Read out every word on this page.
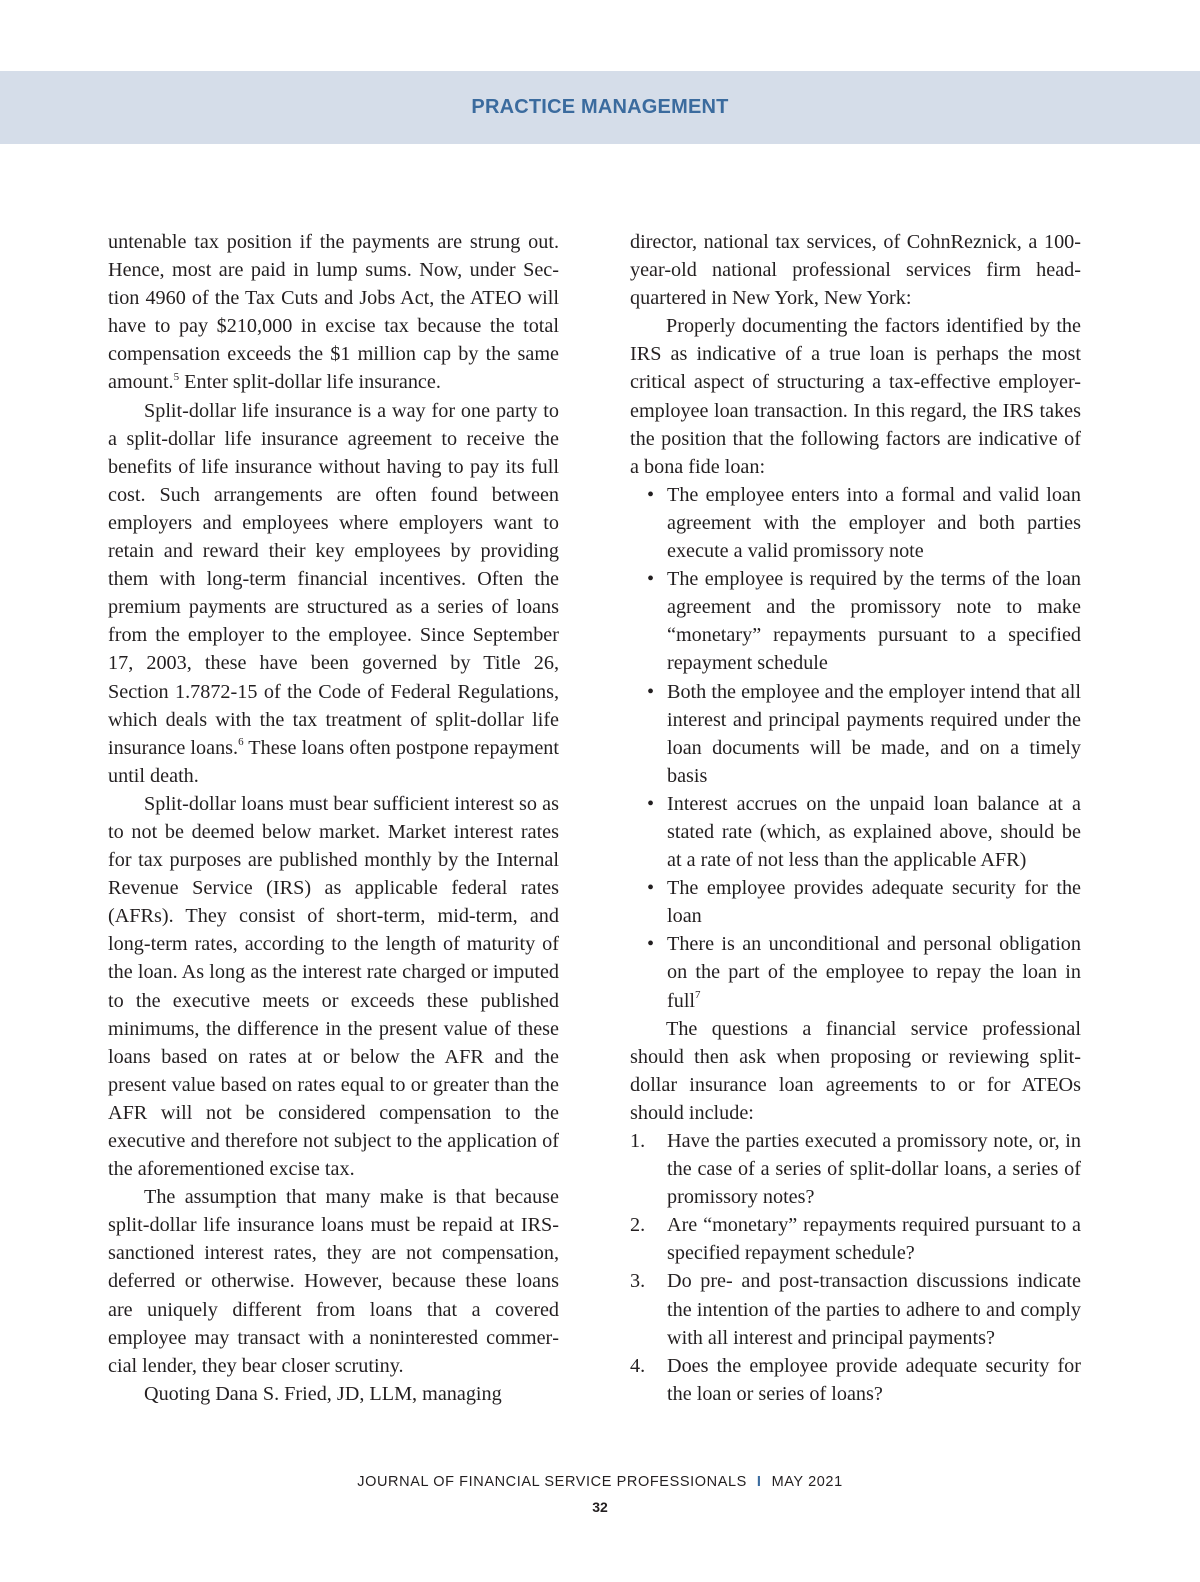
PRACTICE MANAGEMENT

untenable tax position if the payments are strung out. Hence, most are paid in lump sums. Now, under Section 4960 of the Tax Cuts and Jobs Act, the ATEO will have to pay $210,000 in excise tax because the total compensation exceeds the $1 million cap by the same amount.$^5$ Enter split-dollar life insurance.

Split-dollar life insurance is a way for one party to a split-dollar life insurance agreement to receive the benefits of life insurance without having to pay its full cost. Such arrangements are often found between employers and employees where employers want to retain and reward their key employees by providing them with long-term financial incentives. Often the premium payments are structured as a series of loans from the employer to the employee. Since September 17, 2003, these have been governed by Title 26, Section 1.7872-15 of the Code of Federal Regulations, which deals with the tax treatment of split-dollar life insurance loans.$^6$ These loans often postpone repayment until death.

Split-dollar loans must bear sufficient interest so as to not be deemed below market. Market interest rates for tax purposes are published monthly by the Internal Revenue Service (IRS) as applicable federal rates (AFRs). They consist of short-term, mid-term, and long-term rates, according to the length of maturity of the loan. As long as the interest rate charged or imputed to the executive meets or exceeds these published minimums, the difference in the present value of these loans based on rates at or below the AFR and the present value based on rates equal to or greater than the AFR will not be considered compensation to the executive and therefore not subject to the application of the aforementioned excise tax.

The assumption that many make is that because split-dollar life insurance loans must be repaid at IRS-sanctioned interest rates, they are not compensation, deferred or otherwise. However, because these loans are uniquely different from loans that a covered employee may transact with a noninterested commercial lender, they bear closer scrutiny.

Quoting Dana S. Fried, JD, LLM, managing

director, national tax services, of CohnReznick, a 100-year-old national professional services firm headquartered in New York, New York:

Properly documenting the factors identified by the IRS as indicative of a true loan is perhaps the most critical aspect of structuring a tax-effective employer-employee loan transaction. In this regard, the IRS takes the position that the following factors are indicative of a bona fide loan:

• The employee enters into a formal and valid loan agreement with the employer and both parties execute a valid promissory note
• The employee is required by the terms of the loan agreement and the promissory note to make “monetary” repayments pursuant to a specified repayment schedule
• Both the employee and the employer intend that all interest and principal payments required under the loan documents will be made, and on a timely basis
• Interest accrues on the unpaid loan balance at a stated rate (which, as explained above, should be at a rate of not less than the applicable AFR)
• The employee provides adequate security for the loan
• There is an unconditional and personal obligation on the part of the employee to repay the loan in full$^7$

The questions a financial service professional should then ask when proposing or reviewing split-dollar insurance loan agreements to or for ATEOs should include:

1.	Have the parties executed a promissory note, or, in the case of a series of split-dollar loans, a series of promissory notes?
2.	Are “monetary” repayments required pursuant to a specified repayment schedule?
3.	Do pre- and post-transaction discussions indicate the intention of the parties to adhere to and comply with all interest and principal payments?
4.	Does the employee provide adequate security for the loan or series of loans?
JOURNAL OF FINANCIAL SERVICE PROFESSIONALS I MAY 2021
32
